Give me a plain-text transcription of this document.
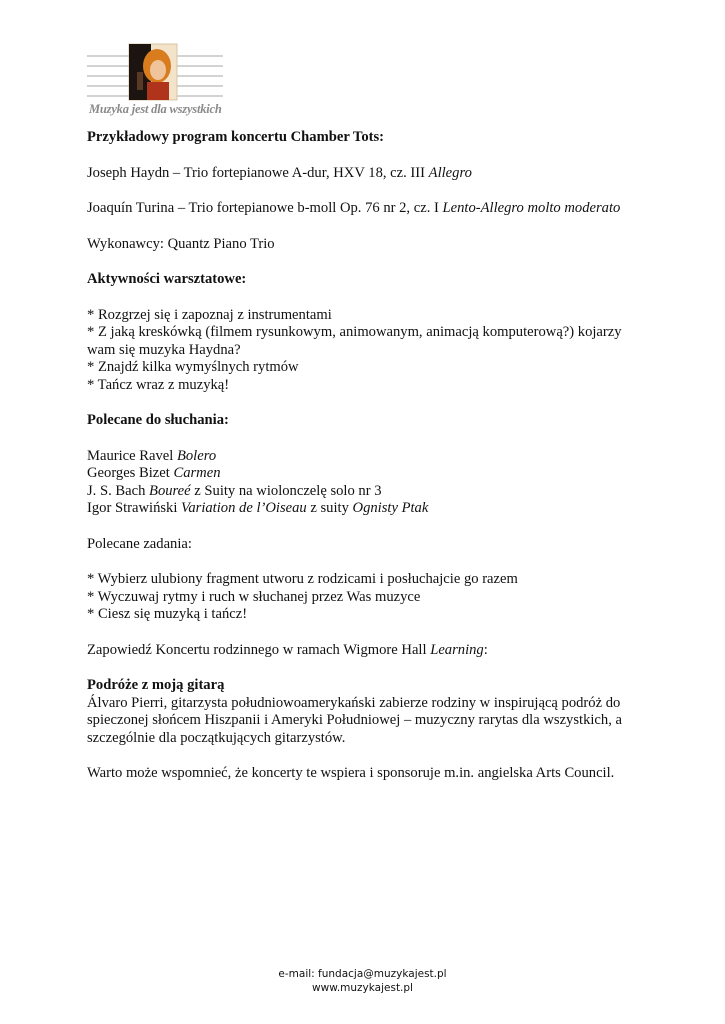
Muzyka jest dla wszystkich

Przykładowy program koncertu Chamber Tots:

Joseph Haydn – Trio fortepianowe A-dur, HXV 18, cz. III Allegro

Joaquín Turina – Trio fortepianowe b-moll Op. 76 nr 2, cz. I Lento-Allegro molto moderato

Wykonawcy: Quantz Piano Trio

Aktywności warsztatowe:

* Rozgrzej się i zapoznaj z instrumentami

* Z jaką kreskówką (filmem rysunkowym, animowanym, animacją komputerową?) kojarzy wam się muzyka Haydna?

* Znajdź kilka wymyślnych rytmów

* Tańcz wraz z muzyką!

Polecane do słuchania:

Maurice Ravel Bolero

Georges Bizet Carmen

J. S. Bach Boureé z Suity na wiolonczelę solo nr 3

Igor Strawiński Variation de l’Oiseau z suity Ognisty Ptak

Polecane zadania:

* Wybierz ulubiony fragment utworu z rodzicami i posłuchajcie go razem

* Wyczuwaj rytmy i ruch w słuchanej przez Was muzyce

* Ciesz się muzyką i tańcz!

Zapowiedź Koncertu rodzinnego w ramach Wigmore Hall Learning:

Podróże z moją gitarą

Álvaro Pierri, gitarzysta południowoamerykański zabierze rodziny w inspirującą podróż do spieczonej słońcem Hiszpanii i Ameryki Południowej – muzyczny rarytas dla wszystkich, a szczególnie dla początkujących gitarzystów.

Warto może wspomnieć, że koncerty te wspiera i sponsoruje m.in. angielska Arts Council.

e-mail: fundacja@muzykajest.pl
www.muzykajest.pl
